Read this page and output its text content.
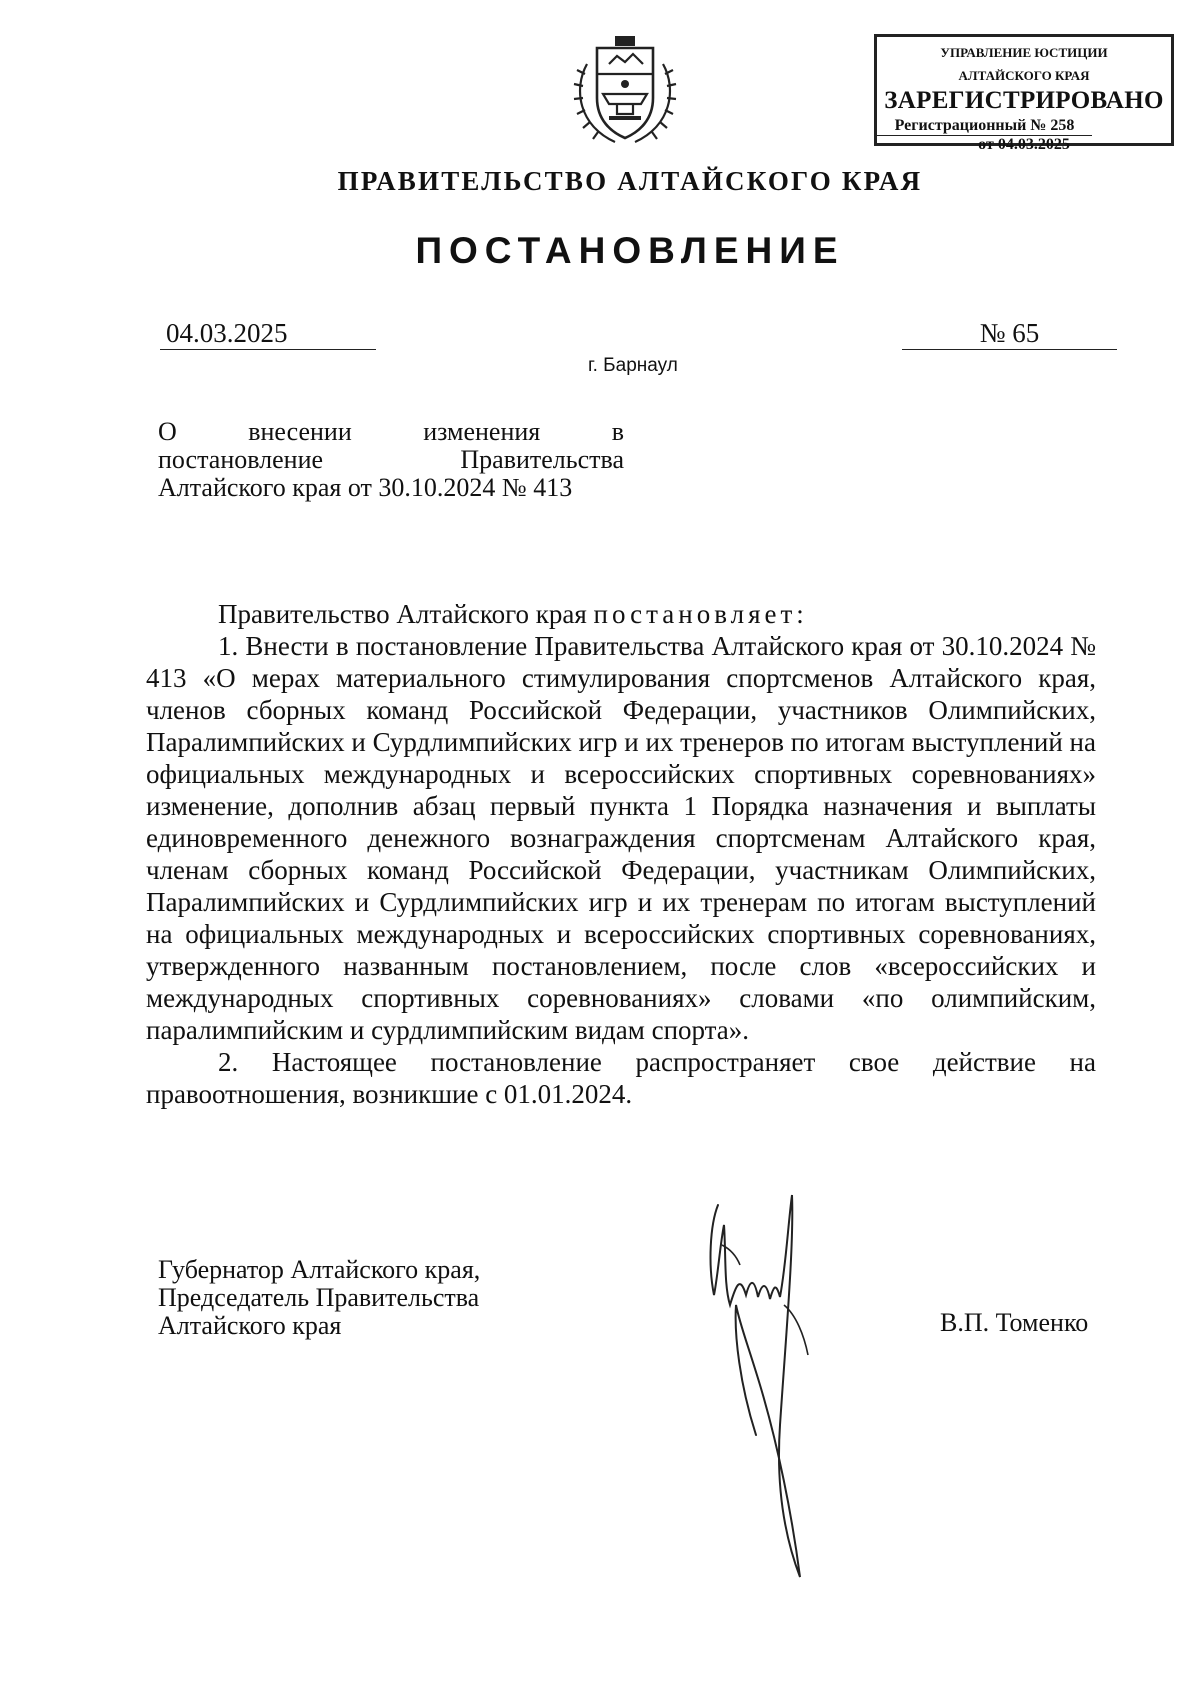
УПРАВЛЕНИЕ ЮСТИЦИИ
АЛТАЙСКОГО КРАЯ
ЗАРЕГИСТРИРОВАНО
Регистрационный № 258
от 04.03.2025
ПРАВИТЕЛЬСТВО АЛТАЙСКОГО КРАЯ
ПОСТАНОВЛЕНИЕ
04.03.2025	№ 65
г. Барнаул
О внесении изменения в
постановление Правительства
Алтайского края от 30.10.2024 № 413

Правительство Алтайского края постановляет:

1. Внести в постановление Правительства Алтайского края от 30.10.2024 № 413 «О мерах материального стимулирования спортсменов Алтайского края, членов сборных команд Российской Федерации, участников Олимпийских, Паралимпийских и Сурдлимпийских игр и их тренеров по итогам выступлений на официальных международных и всероссийских спортивных соревнованиях» изменение, дополнив абзац первый пункта 1 Порядка назначения и выплаты единовременного денежного вознаграждения спортсменам Алтайского края, членам сборных команд Российской Федерации, участникам Олимпийских, Паралимпийских и Сурдлимпийских игр и их тренерам по итогам выступлений на официальных международных и всероссийских спортивных соревнованиях, утвержденного названным постановлением, после слов «всероссийских и международных спортивных соревнованиях» словами «по олимпийским, паралимпийским и сурдлимпийским видам спорта».

2. Настоящее постановление распространяет свое действие на правоотношения, возникшие с 01.01.2024.

Губернатор Алтайского края,
Председатель Правительства
Алтайского края	В.П. Томенко
